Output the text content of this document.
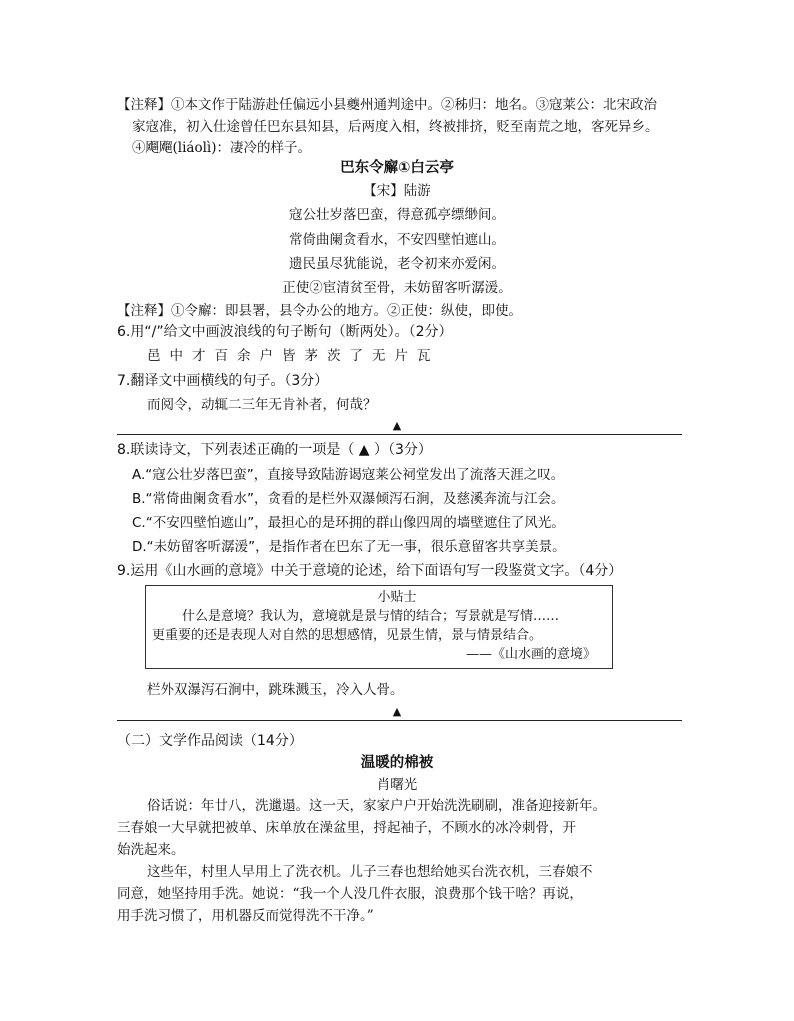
【注释】①本文作于陆游赴任偏远小县夔州通判途中。②秭归：地名。③寇莱公：北宋政治
家寇准，初入仕途曾任巴东县知县，后两度入相，终被排挤，贬至南荒之地，客死异乡。
④飗飗(liáolì)：凄冷的样子。
巴东令廨①白云亭
【宋】陆游
寇公壮岁落巴蛮，得意孤亭缥缈间。
常倚曲阑贪看水，不安四壁怕遮山。
遗民虽尽犹能说，老令初来亦爱闲。
正使②宦清贫至骨，未妨留客听潺湲。
【注释】①令廨：即县署，县令办公的地方。②正使：纵使，即使。
6.用“/”给文中画波浪线的句子断句（断两处）。（2分）
邑中才百余户皆茅茨了无片瓦
7.翻译文中画横线的句子。（3分）
而阅令，动辄二三年无肯补者，何哉？
▲
8.联读诗文，下列表述正确的一项是（ ▲ ）（3分）
A.“寇公壮岁落巴蛮”，直接导致陆游谒寇莱公祠堂发出了流落天涯之叹。
B.“常倚曲阑贪看水”，贪看的是栏外双瀑倾泻石涧，及慈溪奔流与江会。
C.“不安四壁怕遮山”，最担心的是环拥的群山像四周的墙壁遮住了风光。
D.“未妨留客听潺湲”，是指作者在巴东了无一事，很乐意留客共享美景。
9.运用《山水画的意境》中关于意境的论述，给下面语句写一段鉴赏文字。（4分）
小贴士
什么是意境？我认为，意境就是景与情的结合；写景就是写情……
更重要的还是表现人对自然的思想感情，见景生情，景与情景结合。
——《山水画的意境》
栏外双瀑泻石涧中，跳珠溅玉，冷入人骨。
▲
（二）文学作品阅读（14分）
温暖的棉被
肖曙光
俗话说：年廿八，洗邋遢。这一天，家家户户开始洗洗刷刷，准备迎接新年。
三春娘一大早就把被单、床单放在澡盆里，捋起袖子，不顾水的冰冷刺骨，开
始洗起来。
这些年，村里人早用上了洗衣机。儿子三春也想给她买台洗衣机，三春娘不
同意，她坚持用手洗。她说：“我一个人没几件衣服，浪费那个钱干啥？再说，
用手洗习惯了，用机器反而觉得洗不干净。”
